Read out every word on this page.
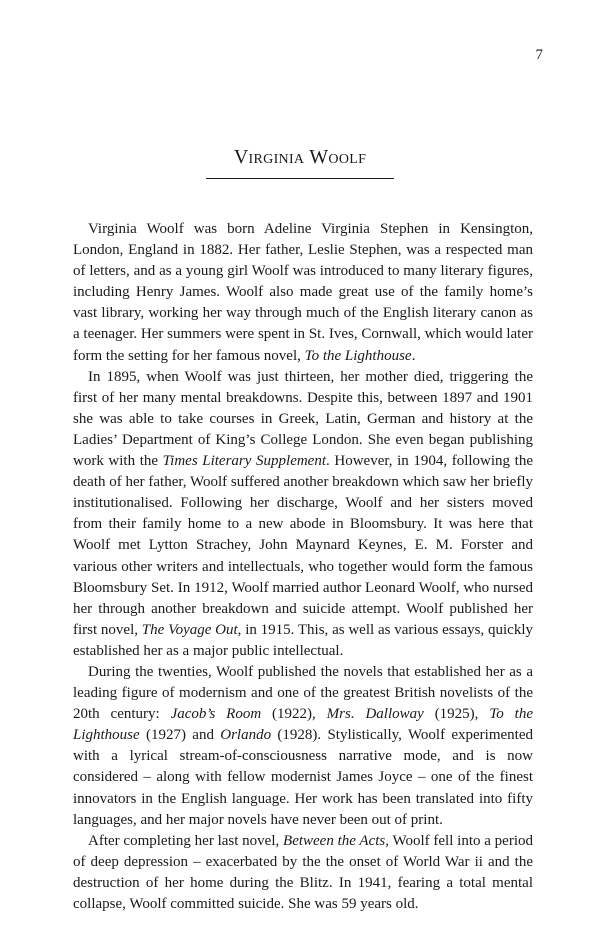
7
Virginia Woolf

Virginia Woolf was born Adeline Virginia Stephen in Kensington, London, England in 1882. Her father, Leslie Stephen, was a respected man of letters, and as a young girl Woolf was introduced to many literary figures, including Henry James. Woolf also made great use of the family home’s vast library, working her way through much of the English literary canon as a teenager. Her summers were spent in St. Ives, Cornwall, which would later form the setting for her famous novel, To the Lighthouse.

In 1895, when Woolf was just thirteen, her mother died, triggering the first of her many mental breakdowns. Despite this, between 1897 and 1901 she was able to take courses in Greek, Latin, German and history at the Ladies’ Department of King’s College London. She even began publishing work with the Times Literary Supplement. However, in 1904, following the death of her father, Woolf suffered another breakdown which saw her briefly institutionalised. Following her discharge, Woolf and her sisters moved from their family home to a new abode in Bloomsbury. It was here that Woolf met Lytton Strachey, John Maynard Keynes, E. M. Forster and various other writers and intellectuals, who together would form the famous Bloomsbury Set. In 1912, Woolf married author Leonard Woolf, who nursed her through another breakdown and suicide attempt. Woolf published her first novel, The Voyage Out, in 1915. This, as well as various essays, quickly established her as a major public intellectual.

During the twenties, Woolf published the novels that established her as a leading figure of modernism and one of the greatest British novelists of the 20th century: Jacob’s Room (1922), Mrs. Dalloway (1925), To the Lighthouse (1927) and Orlando (1928). Stylistically, Woolf experimented with a lyrical stream-of-consciousness narrative mode, and is now considered – along with fellow modernist James Joyce – one of the finest innovators in the English language. Her work has been translated into fifty languages, and her major novels have never been out of print.

After completing her last novel, Between the Acts, Woolf fell into a period of deep depression – exacerbated by the the onset of World War ii and the destruction of her home during the Blitz. In 1941, fearing a total mental collapse, Woolf committed suicide. She was 59 years old.
